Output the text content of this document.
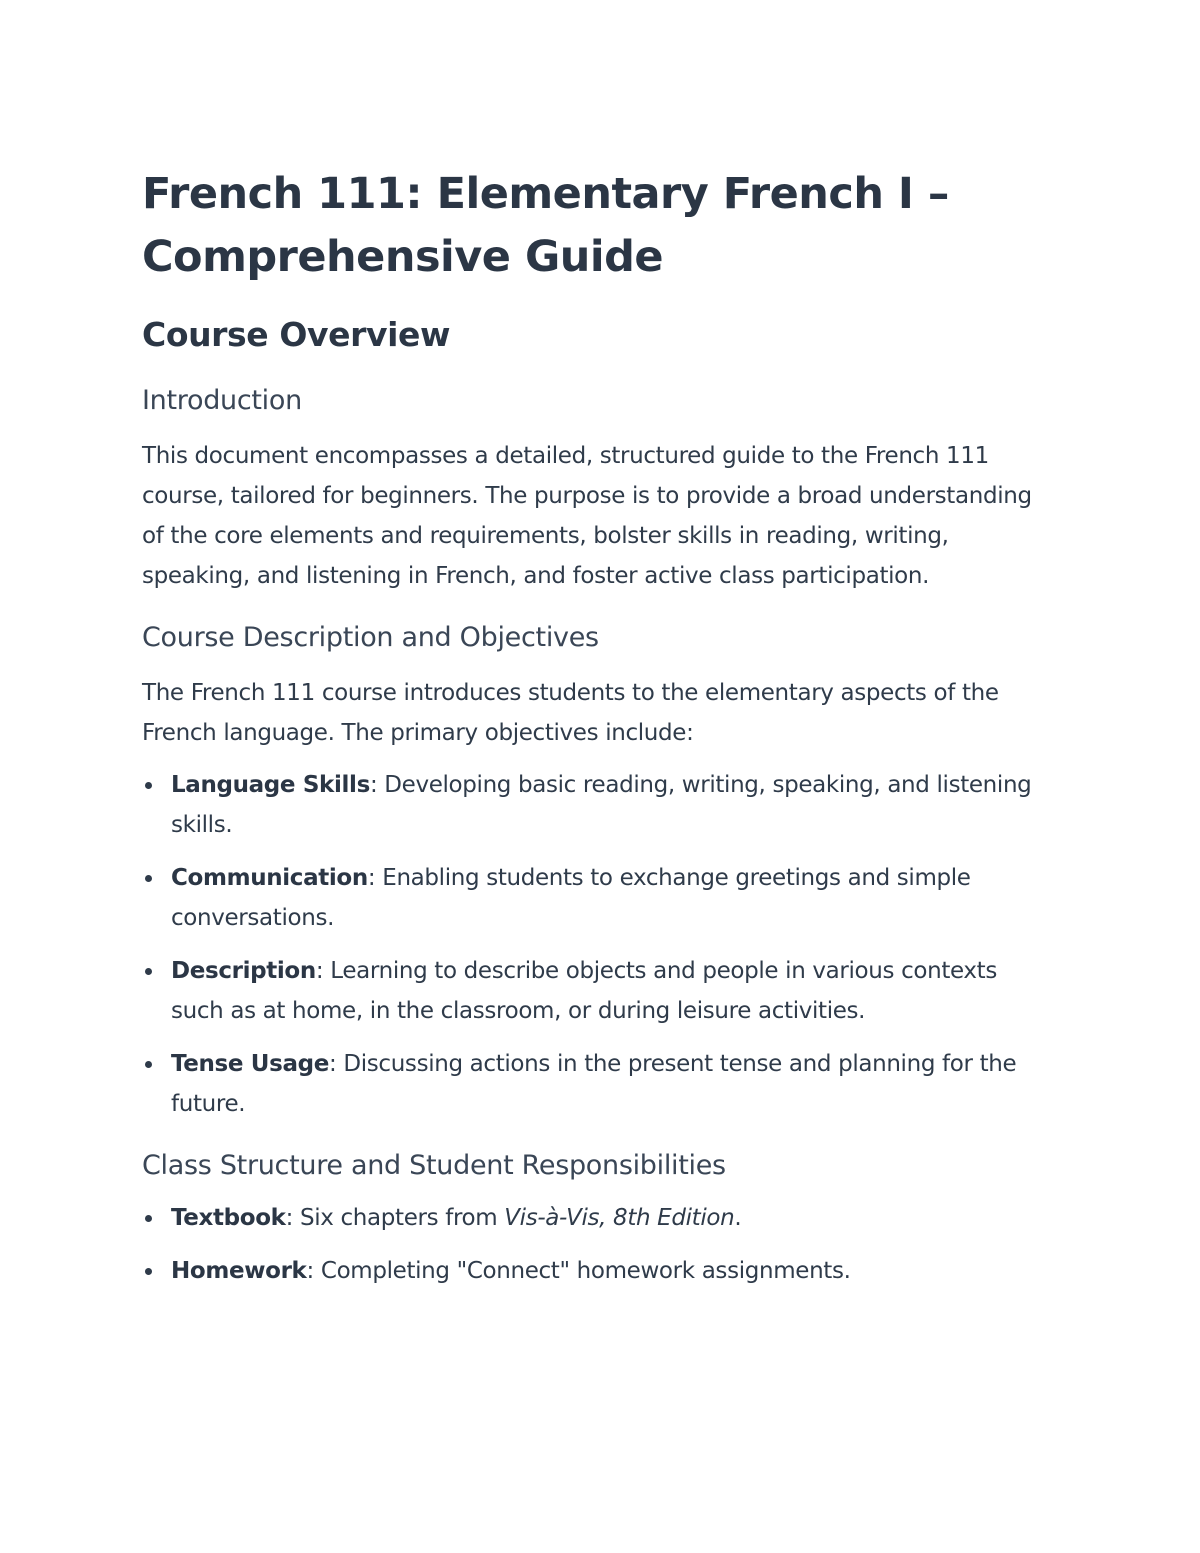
French 111: Elementary French I – Comprehensive Guide
Course Overview
Introduction

This document encompasses a detailed, structured guide to the French 111 course, tailored for beginners. The purpose is to provide a broad understanding of the core elements and requirements, bolster skills in reading, writing, speaking, and listening in French, and foster active class participation.

Course Description and Objectives

The French 111 course introduces students to the elementary aspects of the French language. The primary objectives include:

Language Skills: Developing basic reading, writing, speaking, and listening skills.
Communication: Enabling students to exchange greetings and simple conversations.
Description: Learning to describe objects and people in various contexts such as at home, in the classroom, or during leisure activities.
Tense Usage: Discussing actions in the present tense and planning for the future.
Class Structure and Student Responsibilities
Textbook: Six chapters from Vis-à-Vis, 8th Edition.
Homework: Completing "Connect" homework assignments.
